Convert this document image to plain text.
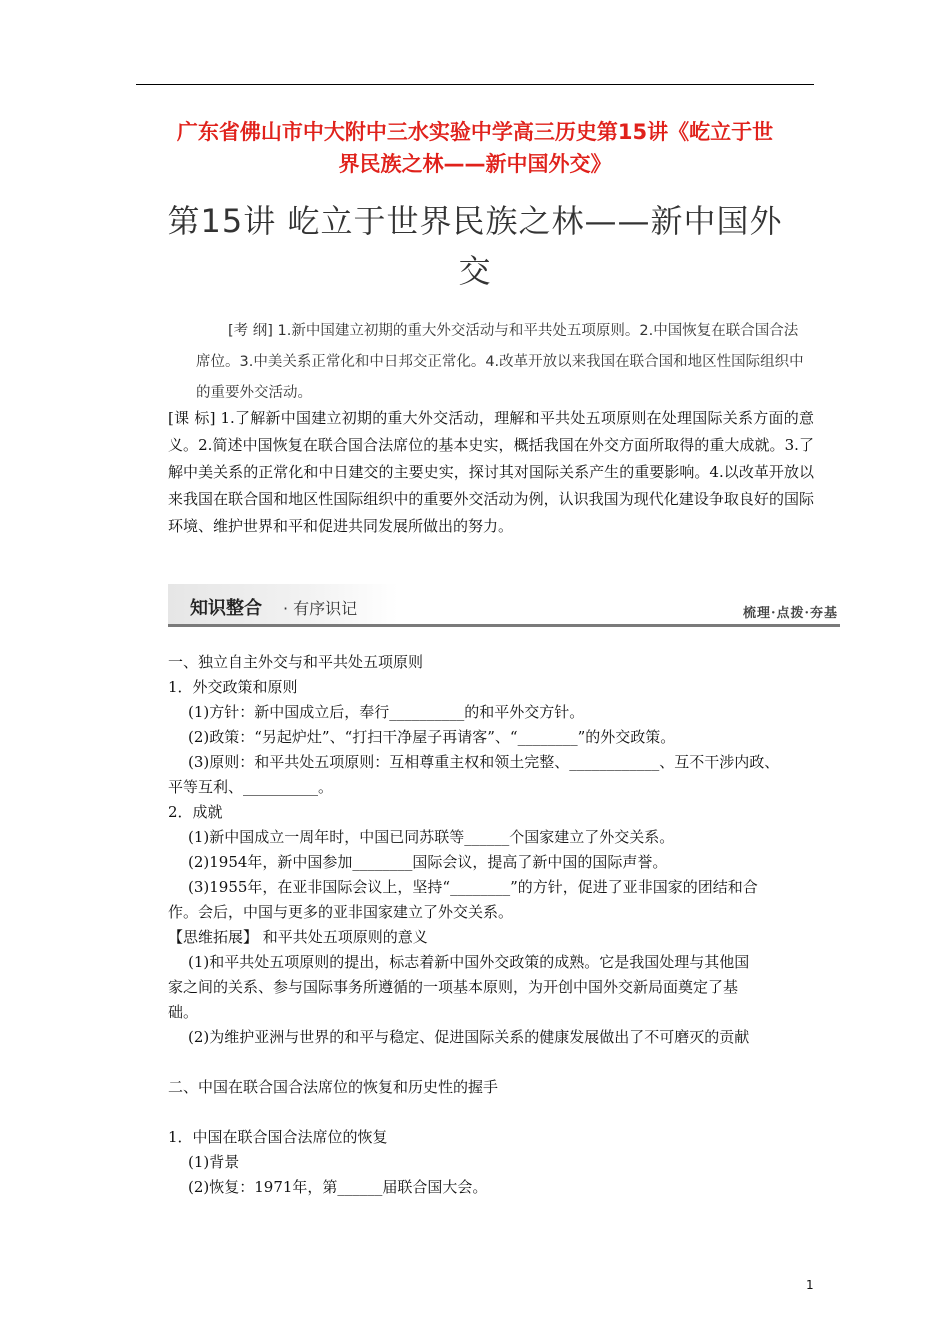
广东省佛山市中大附中三水实验中学高三历史第15讲《屹立于世
界民族之林——新中国外交》
第15讲 屹立于世界民族之林——新中国外
交
[考 纲] 1.新中国建立初期的重大外交活动与和平共处五项原则。2.中国恢复在联合国合法席位。3.中美关系正常化和中日邦交正常化。4.改革开放以来我国在联合国和地区性国际组织中的重要外交活动。
[课 标] 1.了解新中国建立初期的重大外交活动，理解和平共处五项原则在处理国际关系方面的意义。2.简述中国恢复在联合国合法席位的基本史实，概括我国在外交方面所取得的重大成就。3.了解中美关系的正常化和中日建交的主要史实，探讨其对国际关系产生的重要影响。4.以改革开放以来我国在联合国和地区性国际组织中的重要外交活动为例，认识我国为现代化建设争取良好的国际环境、维护世界和平和促进共同发展所做出的努力。
知识整合 · 有序识记	梳理·点拨·夯基
一、独立自主外交与和平共处五项原则
1．外交政策和原则
(1)方针：新中国成立后，奉行__________的和平外交方针。
(2)政策：“另起炉灶”、“打扫干净屋子再请客”、“________”的外交政策。
(3)原则：和平共处五项原则：互相尊重主权和领土完整、____________、互不干涉内政、
平等互利、__________。
2．成就
(1)新中国成立一周年时，中国已同苏联等______个国家建立了外交关系。
(2)1954年，新中国参加________国际会议，提高了新中国的国际声誉。
(3)1955年，在亚非国际会议上，坚持“________”的方针，促进了亚非国家的团结和合
作。会后，中国与更多的亚非国家建立了外交关系。
【思维拓展】 和平共处五项原则的意义
(1)和平共处五项原则的提出，标志着新中国外交政策的成熟。它是我国处理与其他国
家之间的关系、参与国际事务所遵循的一项基本原则，为开创中国外交新局面奠定了基
础。
(2)为维护亚洲与世界的和平与稳定、促进国际关系的健康发展做出了不可磨灭的贡献
二、中国在联合国合法席位的恢复和历史性的握手
1．中国在联合国合法席位的恢复
(1)背景
(2)恢复：1971年，第______届联合国大会。
1
